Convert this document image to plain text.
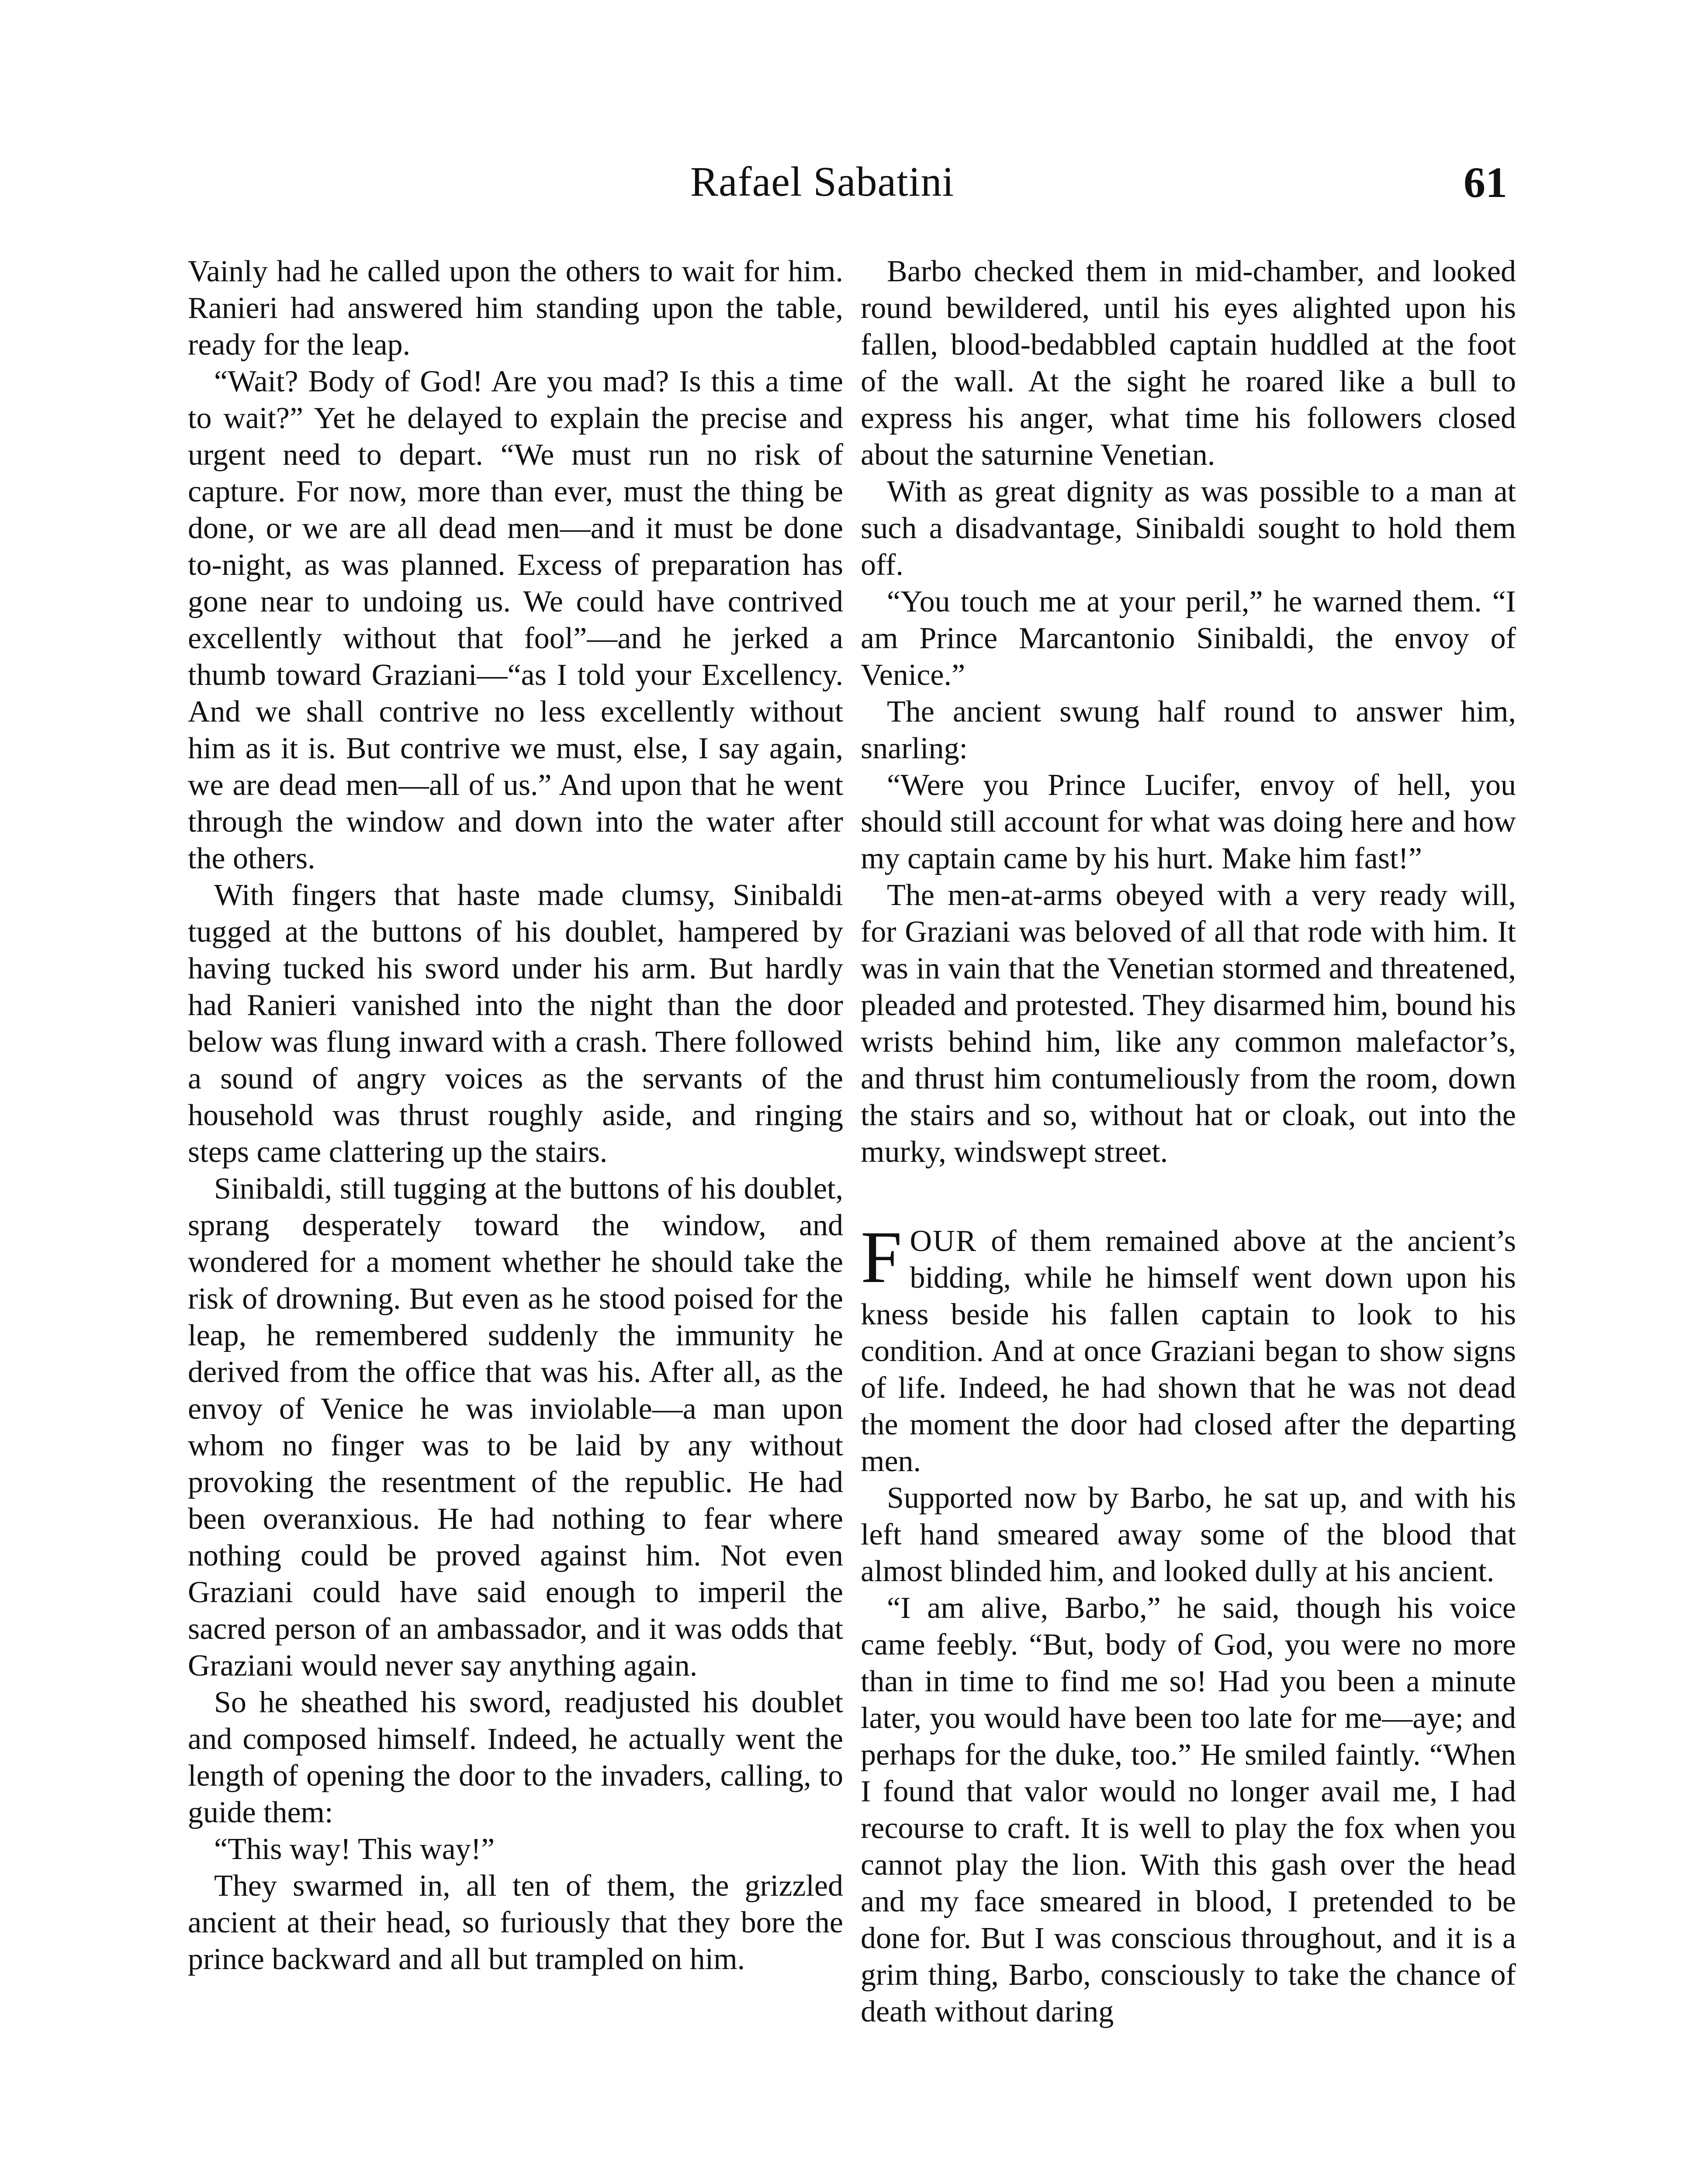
Rafael Sabatini	61

Vainly had he called upon the others to wait for him. Ranieri had answered him standing upon the table, ready for the leap.

“Wait? Body of God! Are you mad? Is this a time to wait?” Yet he delayed to explain the precise and urgent need to depart. “We must run no risk of capture. For now, more than ever, must the thing be done, or we are all dead men—and it must be done to-night, as was planned. Excess of preparation has gone near to undoing us. We could have contrived excellently without that fool”—and he jerked a thumb toward Graziani—“as I told your Excellency. And we shall contrive no less excellently without him as it is. But contrive we must, else, I say again, we are dead men—all of us.” And upon that he went through the window and down into the water after the others.

With fingers that haste made clumsy, Sinibaldi tugged at the buttons of his doublet, hampered by having tucked his sword under his arm. But hardly had Ranieri vanished into the night than the door below was flung inward with a crash. There followed a sound of angry voices as the servants of the household was thrust roughly aside, and ringing steps came clattering up the stairs.

Sinibaldi, still tugging at the buttons of his doublet, sprang desperately toward the window, and wondered for a moment whether he should take the risk of drowning. But even as he stood poised for the leap, he remembered suddenly the immunity he derived from the office that was his. After all, as the envoy of Venice he was inviolable—a man upon whom no finger was to be laid by any without provoking the resentment of the republic. He had been overanxious. He had nothing to fear where nothing could be proved against him. Not even Graziani could have said enough to imperil the sacred person of an ambassador, and it was odds that Graziani would never say anything again.

So he sheathed his sword, readjusted his doublet and composed himself. Indeed, he actually went the length of opening the door to the invaders, calling, to guide them:

“This way! This way!”

They swarmed in, all ten of them, the grizzled ancient at their head, so furiously that they bore the prince backward and all but trampled on him.

Barbo checked them in mid-chamber, and looked round bewildered, until his eyes alighted upon his fallen, blood-bedabbled captain huddled at the foot of the wall. At the sight he roared like a bull to express his anger, what time his followers closed about the saturnine Venetian.

With as great dignity as was possible to a man at such a disadvantage, Sinibaldi sought to hold them off.

“You touch me at your peril,” he warned them. “I am Prince Marcantonio Sinibaldi, the envoy of Venice.”

The ancient swung half round to answer him, snarling:

“Were you Prince Lucifer, envoy of hell, you should still account for what was doing here and how my captain came by his hurt. Make him fast!”

The men-at-arms obeyed with a very ready will, for Graziani was beloved of all that rode with him. It was in vain that the Venetian stormed and threatened, pleaded and protested. They disarmed him, bound his wrists behind him, like any common malefactor’s, and thrust him contumeliously from the room, down the stairs and so, without hat or cloak, out into the murky, windswept street.

FOUR of them remained above at the ancient’s bidding, while he himself went down upon his kness beside his fallen captain to look to his condition. And at once Graziani began to show signs of life. Indeed, he had shown that he was not dead the moment the door had closed after the departing men.

Supported now by Barbo, he sat up, and with his left hand smeared away some of the blood that almost blinded him, and looked dully at his ancient.

“I am alive, Barbo,” he said, though his voice came feebly. “But, body of God, you were no more than in time to find me so! Had you been a minute later, you would have been too late for me—aye; and perhaps for the duke, too.” He smiled faintly. “When I found that valor would no longer avail me, I had recourse to craft. It is well to play the fox when you cannot play the lion. With this gash over the head and my face smeared in blood, I pretended to be done for. But I was conscious throughout, and it is a grim thing, Barbo, consciously to take the chance of death without daring
